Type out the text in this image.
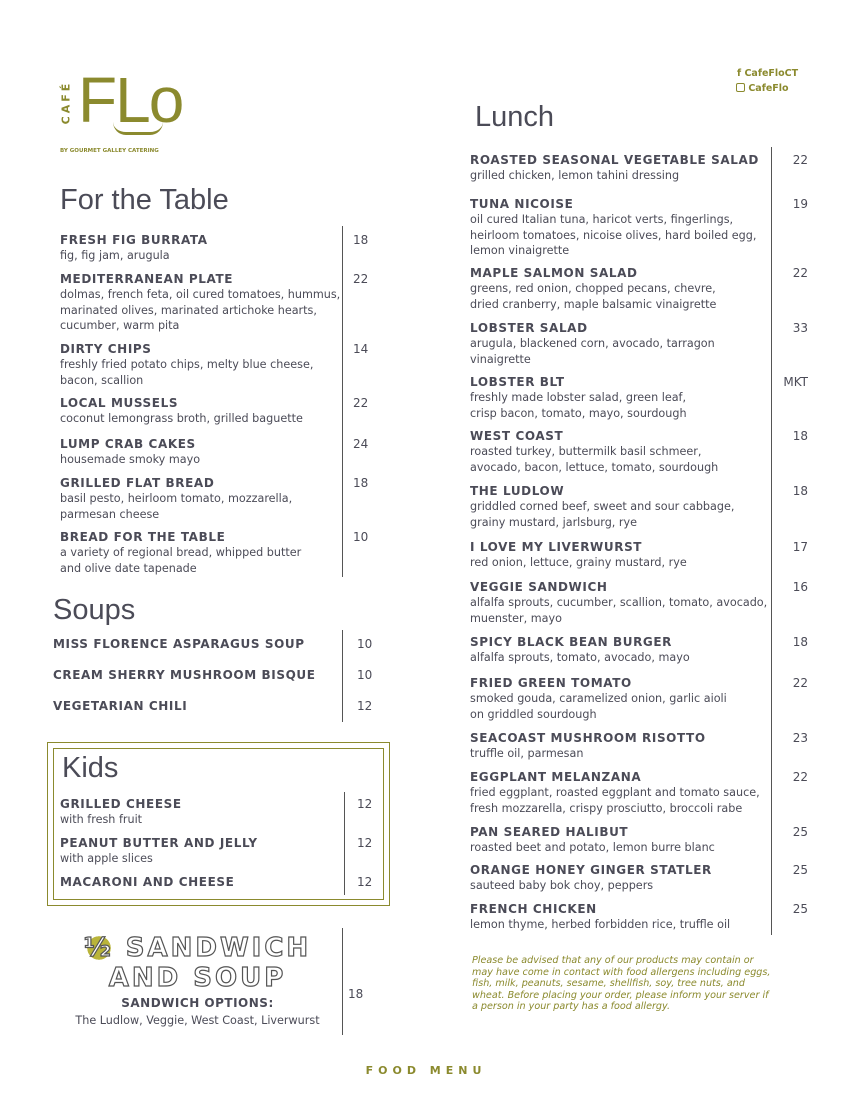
CAFÉ FLo
BY GOURMET GALLEY CATERING
f CafeFloCT
CafeFlo
For the Table
Soups
Lunch
FRESH FIG BURRATA
fig, fig jam, arugula
18
MEDITERRANEAN PLATE
dolmas, french feta, oil cured tomatoes, hummus,
marinated olives, marinated artichoke hearts,
cucumber, warm pita
22
DIRTY CHIPS
freshly fried potato chips, melty blue cheese,
bacon, scallion
14
LOCAL MUSSELS
coconut lemongrass broth, grilled baguette
22
LUMP CRAB CAKES
housemade smoky mayo
24
GRILLED FLAT BREAD
basil pesto, heirloom tomato, mozzarella,
parmesan cheese
18
BREAD FOR THE TABLE
a variety of regional bread, whipped butter
and olive date tapenade
10
MISS FLORENCE ASPARAGUS SOUP	10
CREAM SHERRY MUSHROOM BISQUE	10
VEGETARIAN CHILI	12
Kids
GRILLED CHEESE
with fresh fruit
12
PEANUT BUTTER AND JELLY
with apple slices
12
MACARONI AND CHEESE	12
½ SANDWICH
AND SOUP
SANDWICH OPTIONS:
The Ludlow, Veggie, West Coast, Liverwurst
18
ROASTED SEASONAL VEGETABLE SALAD
grilled chicken, lemon tahini dressing
22
TUNA NICOISE
oil cured Italian tuna, haricot verts, fingerlings,
heirloom tomatoes, nicoise olives, hard boiled egg,
lemon vinaigrette
19
MAPLE SALMON SALAD
greens, red onion, chopped pecans, chevre,
dried cranberry, maple balsamic vinaigrette
22
LOBSTER SALAD
arugula, blackened corn, avocado, tarragon
vinaigrette
33
LOBSTER BLT
freshly made lobster salad, green leaf,
crisp bacon, tomato, mayo, sourdough
MKT
WEST COAST
roasted turkey, buttermilk basil schmeer,
avocado, bacon, lettuce, tomato, sourdough
18
THE LUDLOW
griddled corned beef, sweet and sour cabbage,
grainy mustard, jarlsburg, rye
18
I LOVE MY LIVERWURST
red onion, lettuce, grainy mustard, rye
17
VEGGIE SANDWICH
alfalfa sprouts, cucumber, scallion, tomato, avocado,
muenster, mayo
16
SPICY BLACK BEAN BURGER
alfalfa sprouts, tomato, avocado, mayo
18
FRIED GREEN TOMATO
smoked gouda, caramelized onion, garlic aioli
on griddled sourdough
22
SEACOAST MUSHROOM RISOTTO
truffle oil, parmesan
23
EGGPLANT MELANZANA
fried eggplant, roasted eggplant and tomato sauce,
fresh mozzarella, crispy prosciutto, broccoli rabe
22
PAN SEARED HALIBUT
roasted beet and potato, lemon burre blanc
25
ORANGE HONEY GINGER STATLER
sauteed baby bok choy, peppers
25
FRENCH CHICKEN
lemon thyme, herbed forbidden rice, truffle oil
25
Please be advised that any of our products may contain or may have come in contact with food allergens including eggs, fish, milk, peanuts, sesame, shellfish, soy, tree nuts, and wheat. Before placing your order, please inform your server if a person in your party has a food allergy.
FOOD MENU
